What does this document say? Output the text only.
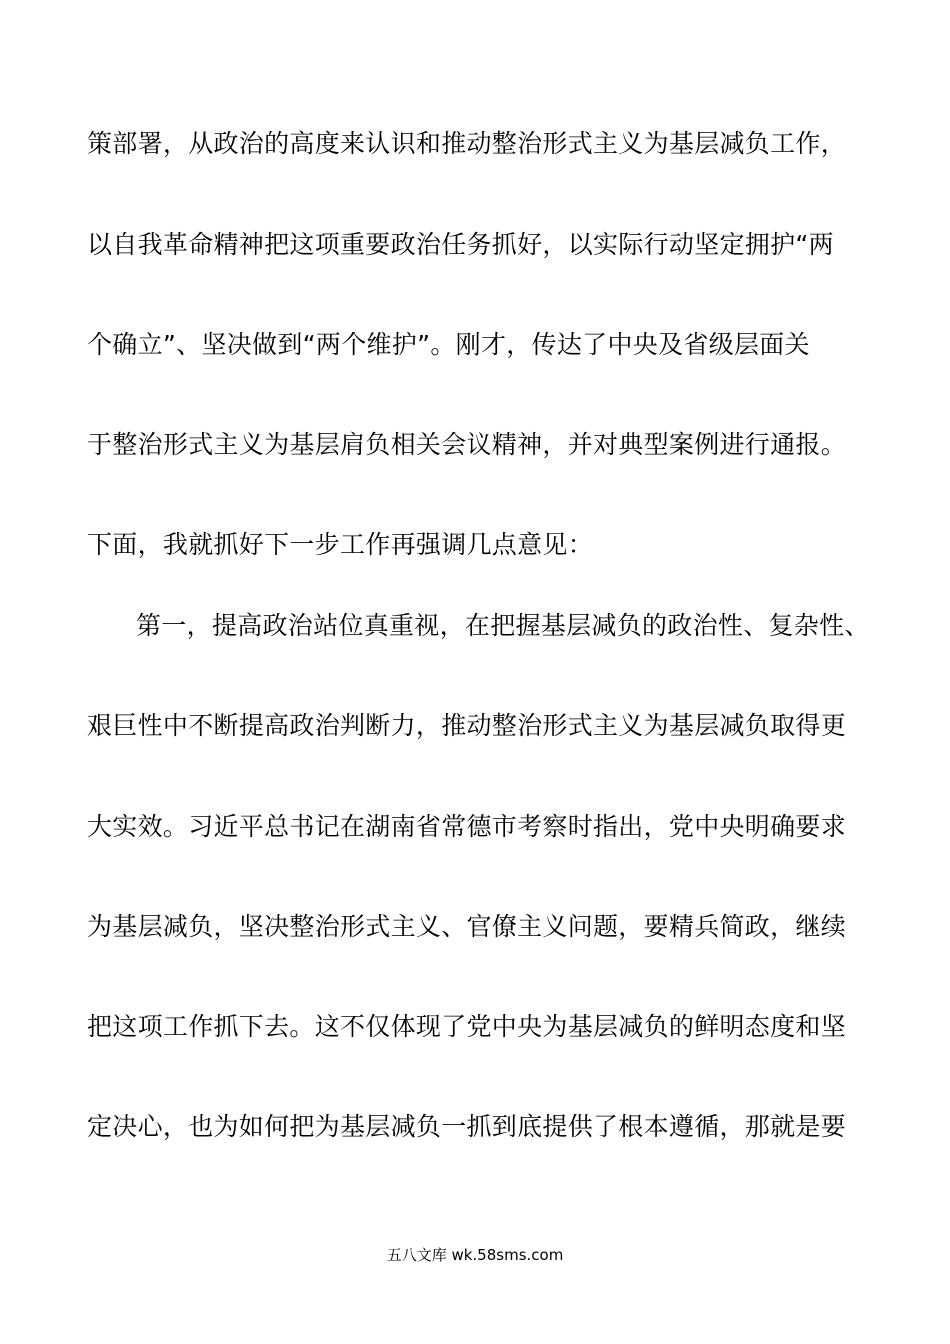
策部署，从政治的高度来认识和推动整治形式主义为基层减负工作，
以自我革命精神把这项重要政治任务抓好，以实际行动坚定拥护“两
个确立”、坚决做到“两个维护”。刚才，传达了中央及省级层面关
于整治形式主义为基层肩负相关会议精神，并对典型案例进行通报。
下面，我就抓好下一步工作再强调几点意见：
第一，提高政治站位真重视，在把握基层减负的政治性、复杂性、
艰巨性中不断提高政治判断力，推动整治形式主义为基层减负取得更
大实效。习近平总书记在湖南省常德市考察时指出，党中央明确要求
为基层减负，坚决整治形式主义、官僚主义问题，要精兵简政，继续
把这项工作抓下去。这不仅体现了党中央为基层减负的鲜明态度和坚
定决心，也为如何把为基层减负一抓到底提供了根本遵循，那就是要
五八文库 wk.58sms.com
